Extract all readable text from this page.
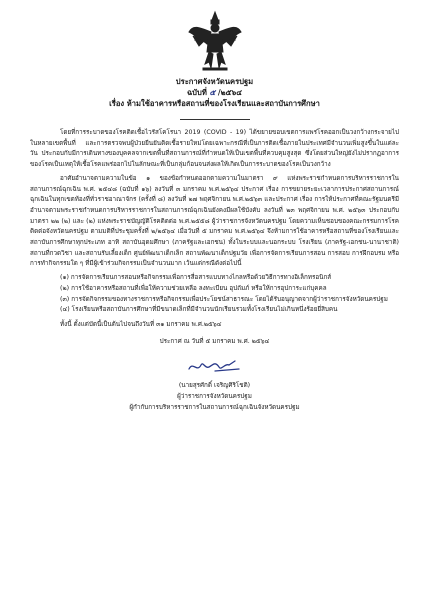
ประกาศจังหวัดนครปฐม
ฉบับที่ ๕ /๒๕๖๔
เรื่อง ห้ามใช้อาคารหรือสถานที่ของโรงเรียนและสถาบันการศึกษา

โดยที่การระบาดของโรคติดเชื้อไวรัสโคโรนา 2019 (COVID - 19) ได้ขยายขอบเขตการแพร่โรคออกเป็นวงกว้างกระจายไปในหลายเขตพื้นที่ และการตรวจพบผู้ป่วยยืนยันติดเชื้อรายใหม่โดยเฉพาะกรณีที่เป็นการติดเชื้อภายในประเทศมีจำนวนเพิ่มสูงขึ้นในแต่ละวัน ประกอบกับมีการเดินทางของบุคคลจากเขตพื้นที่สถานการณ์ที่กำหนดให้เป็นเขตพื้นที่ควบคุมสูงสุด ซึ่งโดยส่วนใหญ่ยังไม่ปรากฏอาการของโรคเป็นเหตุให้เชื้อโรคแพร่ออกไปในลักษณะที่เป็นกลุ่มก้อนจนส่งผลให้เกิดเป็นการระบาดของโรคเป็นวงกว้าง

อาศัยอำนาจตามความในข้อ ๑ ของข้อกำหนดออกตามความในมาตรา ๙ แห่งพระราชกำหนดการบริหารราชการในสถานการณ์ฉุกเฉิน พ.ศ. ๒๕๔๘ (ฉบับที่ ๑๖) ลงวันที่ ๓ มกราคม พ.ศ.๒๕๖๔ ประกาศ เรื่อง การขยายระยะเวลาการประกาศสถานการณ์ฉุกเฉินในทุกเขตท้องที่ทั่วราชอาณาจักร (ครั้งที่ ๘) ลงวันที่ ๒๗ พฤศจิกายน พ.ศ.๒๕๖๓ และประกาศ เรื่อง การให้ประกาศที่คณะรัฐมนตรีมีอำนาจตามพระราชกำหนดการบริหารราชการในสถานการณ์ฉุกเฉินยังคงมีผลใช้บังคับ ลงวันที่ ๒๓ พฤศจิกายน พ.ศ. ๒๕๖๓ ประกอบกับมาตรา ๒๒ (๒) และ (๒) แห่งพระราชบัญญัติโรคติดต่อ พ.ศ.๒๕๕๘ ผู้ว่าราชการจังหวัดนครปฐม โดยความเห็นชอบของคณะกรรมการโรคติดต่อจังหวัดนครปฐม ตามมติที่ประชุมครั้งที่ ๒/๒๕๖๔ เมื่อวันที่ ๕ มกราคม พ.ศ.๒๕๖๔ จึงห้ามการใช้อาคารหรือสถานที่ของโรงเรียนและสถาบันการศึกษาทุกประเภท อาทิ สถาบันอุดมศึกษา (ภาครัฐและเอกชน) ทั้งในระบบและนอกระบบ โรงเรียน (ภาครัฐ-เอกชน-นานาชาติ) สถานที่กวดวิชา และสถานรับเลี้ยงเด็ก ศูนย์พัฒนาเด็กเล็ก สถานพัฒนาเด็กปฐมวัย เพื่อการจัดการเรียนการสอน การสอบ การฝึกอบรม หรือการทำกิจกรรมใด ๆ ที่มีผู้เข้าร่วมกิจกรรมเป็นจำนวนมาก เว้นแต่กรณีดังต่อไปนี้

(๑) การจัดการเรียนการสอนหรือกิจกรรมเพื่อการสื่อสารแบบทางไกลหรือด้วยวิธีการทางอิเล็กทรอนิกส์

(๒) การใช้อาคารหรือสถานที่เพื่อให้ความช่วยเหลือ ลงทะเบียน อุปถัมภ์ หรือให้การอุปการะแก่บุคคล

(๓) การจัดกิจกรรมของทางราชการหรือกิจกรรมเพื่อประโยชน์สาธารณะ โดยได้รับอนุญาตจากผู้ว่าราชการจังหวัดนครปฐม

(๔) โรงเรียนหรือสถาบันการศึกษาที่มีขนาดเล็กที่มีจำนวนนักเรียนรวมทั้งโรงเรียนไม่เกินหนึ่งร้อยยี่สิบคน

ทั้งนี้ ตั้งแต่บัดนี้เป็นต้นไปจนถึงวันที่ ๓๑ มกราคม พ.ศ.๒๕๖๔

ประกาศ ณ วันที่ ๕ มกราคม พ.ศ. ๒๕๖๔
(นายสุรศักดิ์ เจริญศิริโชติ)
ผู้ว่าราชการจังหวัดนครปฐม
ผู้กำกับการบริหารราชการในสถานการณ์ฉุกเฉินจังหวัดนครปฐม
